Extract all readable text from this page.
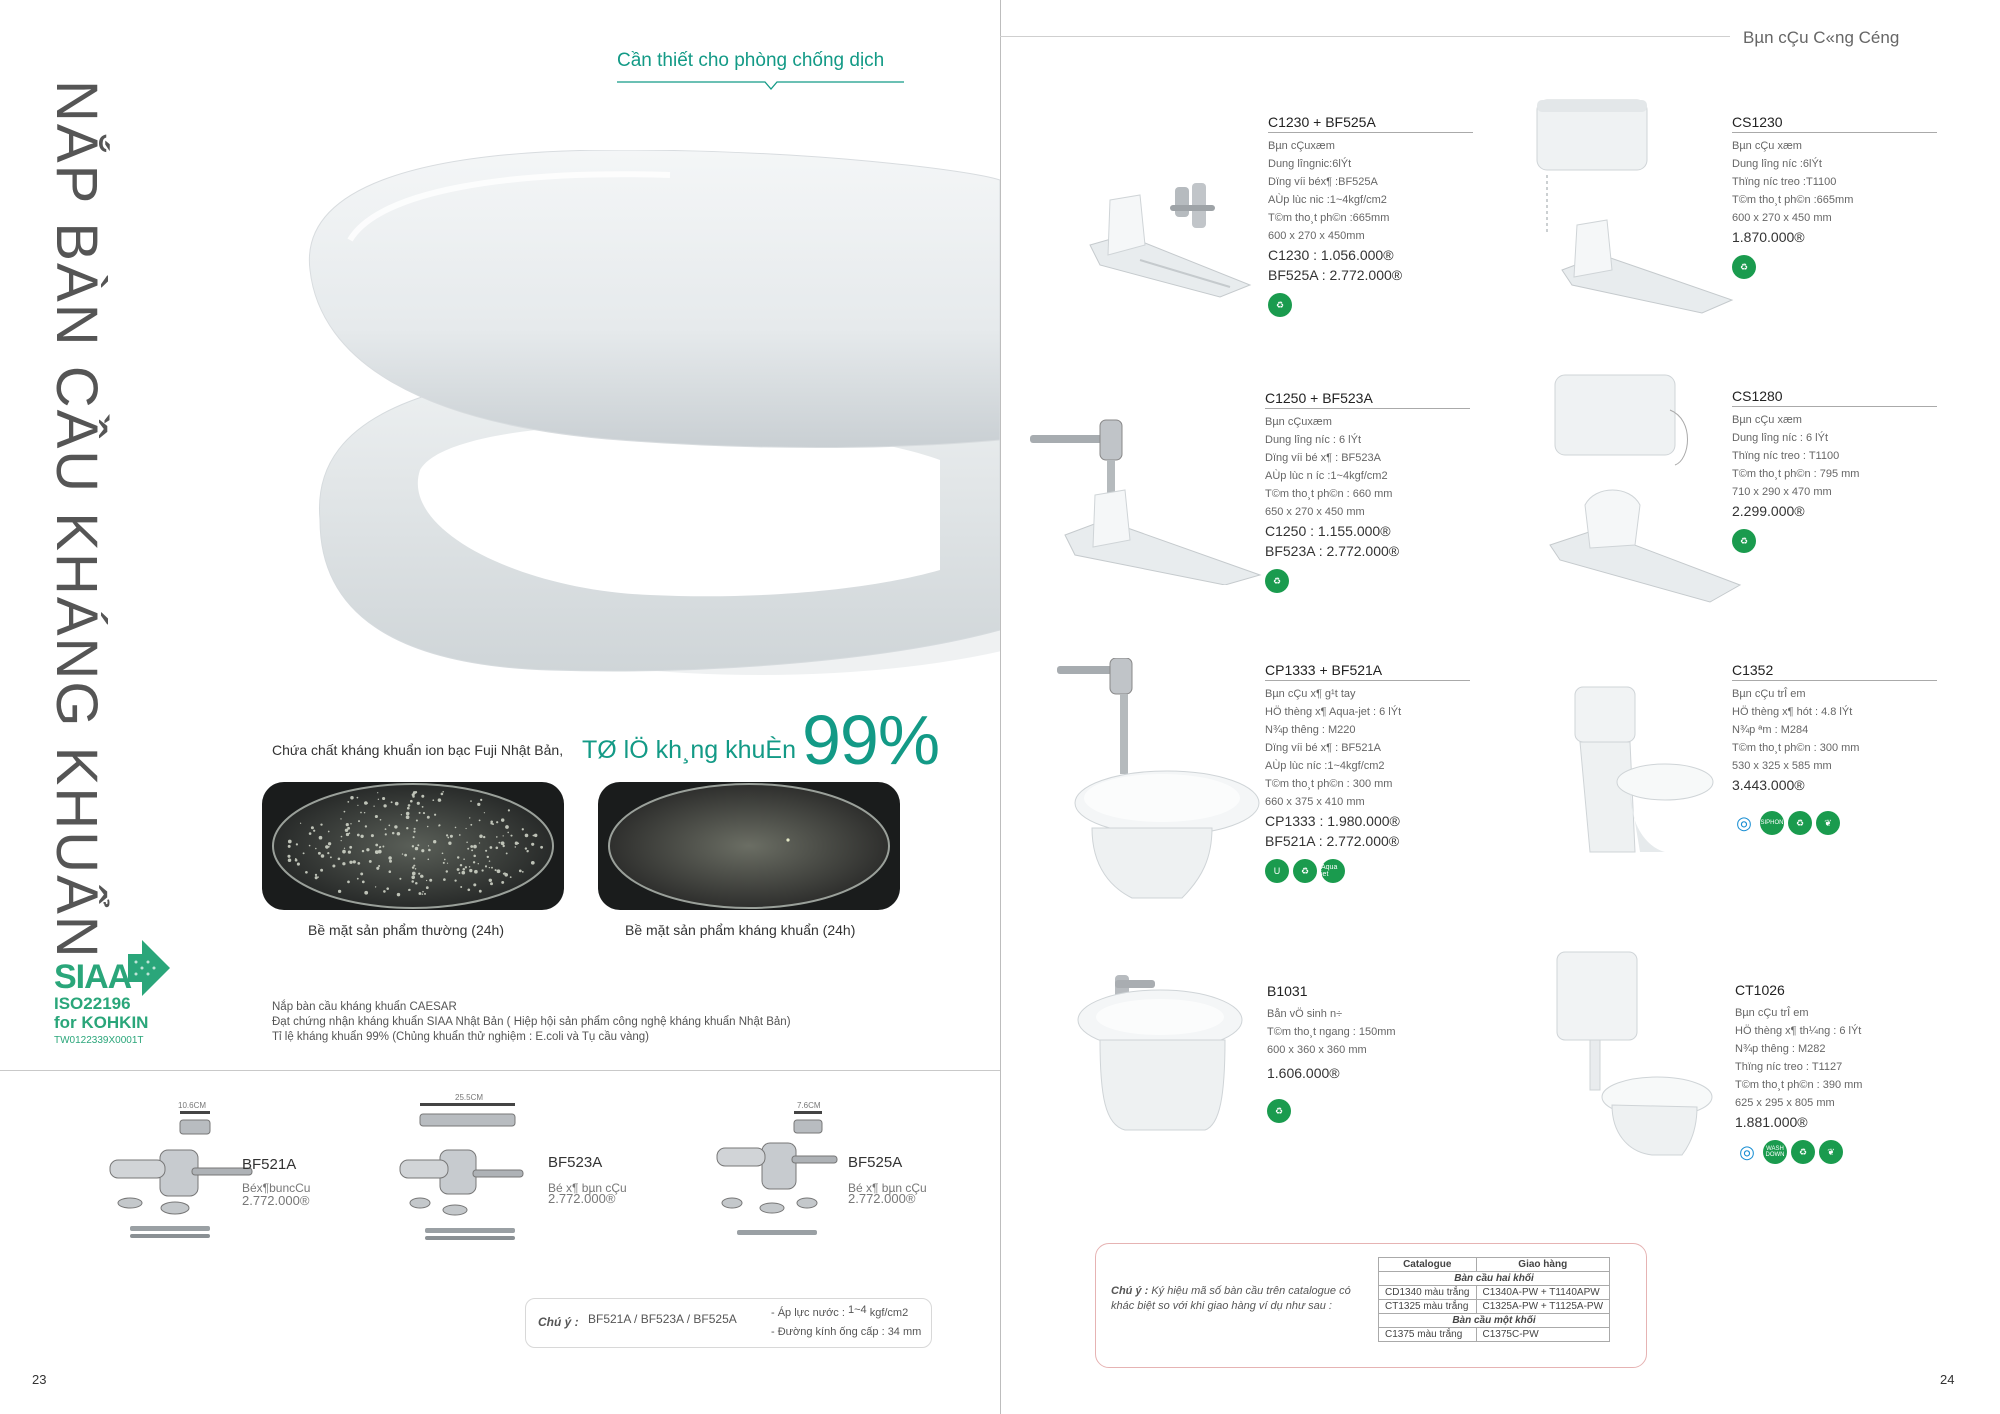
NẮP BÀN CẦU KHÁNG KHUẨN
Cần thiết cho phòng chống dịch
Chứa chất kháng khuẩn ion bạc Fuji Nhật Bản, TØ lÖ kh¸ng khuÈn 99%
Bề mặt sản phẩm thường (24h)	Bề mặt sản phẩm kháng khuẩn (24h)
SIAA
ISO22196
for KOHKIN
TW0122339X0001T
Nắp bàn cầu kháng khuẩn CAESAR
Đạt chứng nhận kháng khuẩn SIAA Nhật Bản ( Hiệp hội sản phẩm công nghệ kháng khuẩn Nhật Bản)
Tỉ lệ kháng khuẩn 99% (Chủng khuẩn thử nghiệm : E.coli và Tụ cầu vàng)
10.6CM
BF521A
Béx¶buncCu
2.772.000®
25.5CM
BF523A
Bé x¶ bµn cÇu
2.772.000®
7.6CM
BF525A
Bé x¶ bµn cÇu
2.772.000®
Chú ý : BF521A / BF523A / BF525A	- Áp lực nước : 1~4 kgf/cm2
- Đường kính ống cấp : 34 mm
23
Bµn cÇu C«ng Céng
C1230 + BF525A
Bµn cÇuxæm
Dung lîngnic:6lÝt
Dïng víi béx¶ :BF525A
AÙp lùc nic :1~4kgf/cm2
T©m tho¸t ph©n :665mm
600 x 270 x 450mm
C1230 : 1.056.000®
BF525A : 2.772.000®
♻
CS1230
Bµn cÇu xæm
Dung lîng níc :6lÝt
Thïng níc treo :T1100
T©m tho¸t ph©n :665mm
600 x 270 x 450 mm
1.870.000®
♻
C1250 + BF523A
Bµn cÇuxæm
Dung lîng níc : 6 lÝt
Dïng víi bé x¶ : BF523A
AÙp lùc n íc :1~4kgf/cm2
T©m tho¸t ph©n : 660 mm
650 x 270 x 450 mm
C1250 : 1.155.000®
BF523A : 2.772.000®
♻
CS1280
Bµn cÇu xæm
Dung lîng níc : 6 lÝt
Thïng níc treo : T1100
T©m tho¸t ph©n : 795 mm
710 x 290 x 470 mm
2.299.000®
♻
CP1333 + BF521A
Bµn cÇu x¶ g¹t tay
HÖ thèng x¶ Aqua-jet : 6 lÝt
N¾p thêng : M220
Dïng víi bé x¶ : BF521A
AÙp lùc níc :1~4kgf/cm2
T©m tho¸t ph©n : 300 mm
660 x 375 x 410 mm
CP1333 : 1.980.000®
BF521A : 2.772.000®
U	♻	Aqua jet
C1352
Bµn cÇu trÎ em
HÖ thèng x¶ hót : 4.8 lÝt
N¾p ªm : M284
T©m tho¸t ph©n : 300 mm
530 x 325 x 585 mm
3.443.000®
◎	SIPHON	♻	❦
B1031
Bån vÖ sinh n÷
T©m tho¸t ngang : 150mm
600 x 360 x 360 mm
1.606.000®
♻
CT1026
Bµn cÇu trÎ em
HÖ thèng x¶ th¼ng : 6 lÝt
N¾p thêng : M282
Thïng níc treo : T1127
T©m tho¸t ph©n : 390 mm
625 x 295 x 805 mm
1.881.000®
◎	WASH DOWN	♻	❦
Chú ý : Ký hiệu mã số bàn cầu trên catalogue có khác biệt so với khi giao hàng ví dụ như sau :
Catalogue	Giao hàng
Bàn cầu hai khối	
CD1340 màu trắng	C1340A-PW + T1140APW
CT1325 màu trắng	C1325A-PW + T1125A-PW
Bàn cầu một khối	
C1375 màu trắng	C1375C-PW
24
